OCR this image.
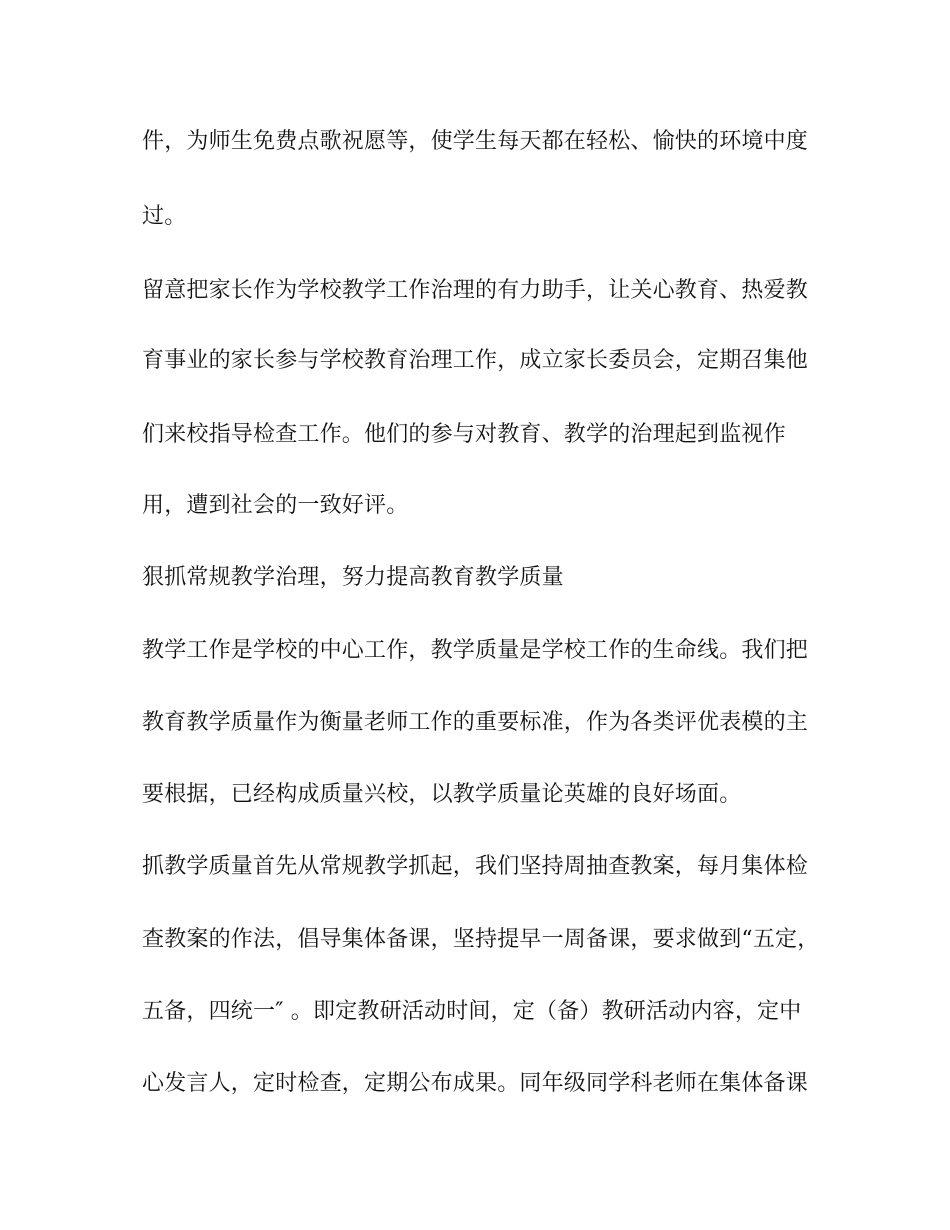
件，为师生免费点歌祝愿等，使学生每天都在轻松、愉快的环境中度
过。
留意把家长作为学校教学工作治理的有力助手，让关心教育、热爱教
育事业的家长参与学校教育治理工作，成立家长委员会，定期召集他
们来校指导检查工作。他们的参与对教育、教学的治理起到监视作
用，遭到社会的一致好评。
狠抓常规教学治理，努力提高教育教学质量
教学工作是学校的中心工作，教学质量是学校工作的生命线。我们把
教育教学质量作为衡量老师工作的重要标准，作为各类评优表模的主
要根据，已经构成质量兴校，以教学质量论英雄的良好场面。
抓教学质量首先从常规教学抓起，我们坚持周抽查教案，每月集体检
查教案的作法，倡导集体备课，坚持提早一周备课，要求做到“五定，
五备，四统一″ 。即定教研活动时间，定（备）教研活动内容，定中
心发言人，定时检查，定期公布成果。同年级同学科老师在集体备课
